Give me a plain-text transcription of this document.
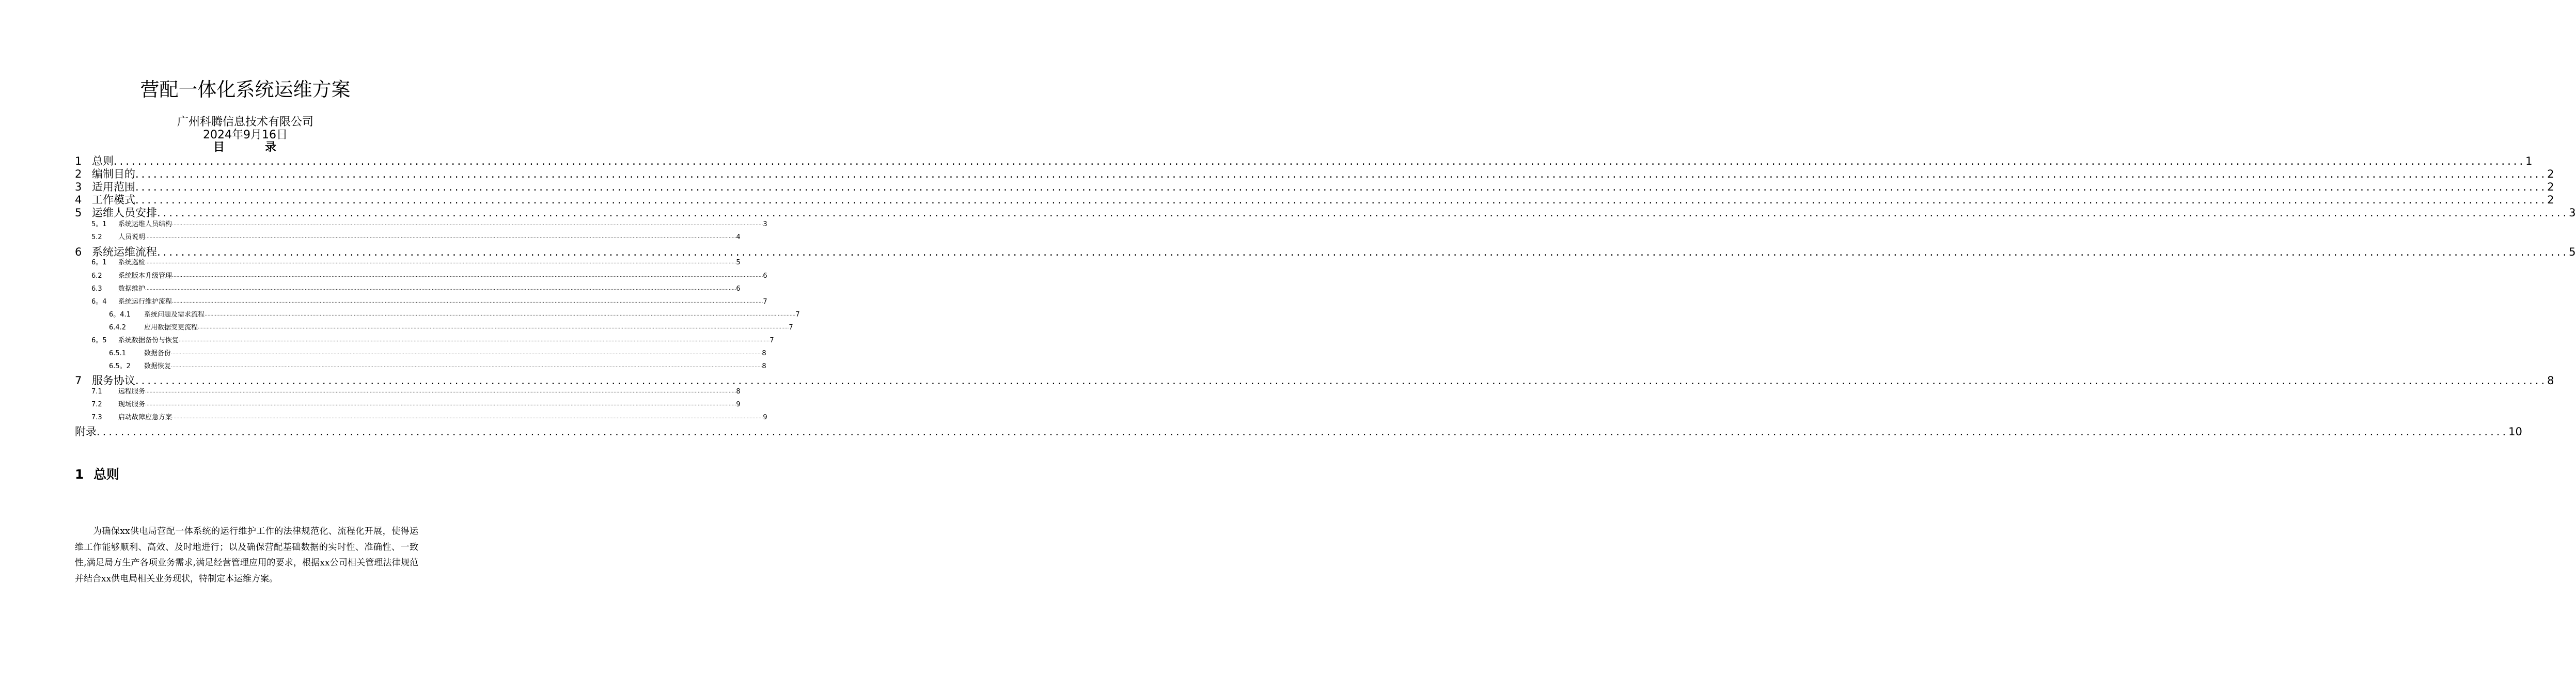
营配一体化系统运维方案
广州科腾信息技术有限公司
2024年9月16日
目	录
1 总则 ................................................................................................................................................................................................................................................................................................................................................................................................................ 1
2 编制目的 ................................................................................................................................................................................................................................................................................................................................................................................................................ 2
3 适用范围 ................................................................................................................................................................................................................................................................................................................................................................................................................ 2
4 工作模式 ................................................................................................................................................................................................................................................................................................................................................................................................................ 2
5 运维人员安排 ................................................................................................................................................................................................................................................................................................................................................................................................................ 3
5。1	系统运维人员结构 ................................................................................................................................................................................................................................................................................................................................................................................................................ 3
5.2	人员说明 ................................................................................................................................................................................................................................................................................................................................................................................................................ 4
6 系统运维流程 ................................................................................................................................................................................................................................................................................................................................................................................................................ 5
6。1	系统巡检 ................................................................................................................................................................................................................................................................................................................................................................................................................ 5
6.2	系统版本升级管理 ................................................................................................................................................................................................................................................................................................................................................................................................................ 6
6.3	数据维护 ................................................................................................................................................................................................................................................................................................................................................................................................................ 6
6。4	系统运行维护流程 ................................................................................................................................................................................................................................................................................................................................................................................................................ 7
6。4.1	系统问题及需求流程 ................................................................................................................................................................................................................................................................................................................................................................................................................ 7
6.4.2	应用数据变更流程 ................................................................................................................................................................................................................................................................................................................................................................................................................ 7
6。5	系统数据备份与恢复 ................................................................................................................................................................................................................................................................................................................................................................................................................ 7
6.5.1	数据备份 ................................................................................................................................................................................................................................................................................................................................................................................................................ 8
6.5。2	数据恢复 ................................................................................................................................................................................................................................................................................................................................................................................................................ 8
7 服务协议 ................................................................................................................................................................................................................................................................................................................................................................................................................ 8
7.1	远程服务 ................................................................................................................................................................................................................................................................................................................................................................................................................ 8
7.2	现场服务 ................................................................................................................................................................................................................................................................................................................................................................................................................ 9
7.3	启动故障应急方案 ................................................................................................................................................................................................................................................................................................................................................................................................................ 9
附录 ................................................................................................................................................................................................................................................................................................................................................................................................................ 10
1 总则

为确保xx供电局营配一体系统的运行维护工作的法律规范化、流程化开展，使得运维工作能够顺利、高效、及时地进行；以及确保营配基础数据的实时性、准确性、一致性,满足局方生产各项业务需求,满足经营管理应用的要求，根据xx公司相关管理法律规范并结合xx供电局相关业务现状，特制定本运维方案。
